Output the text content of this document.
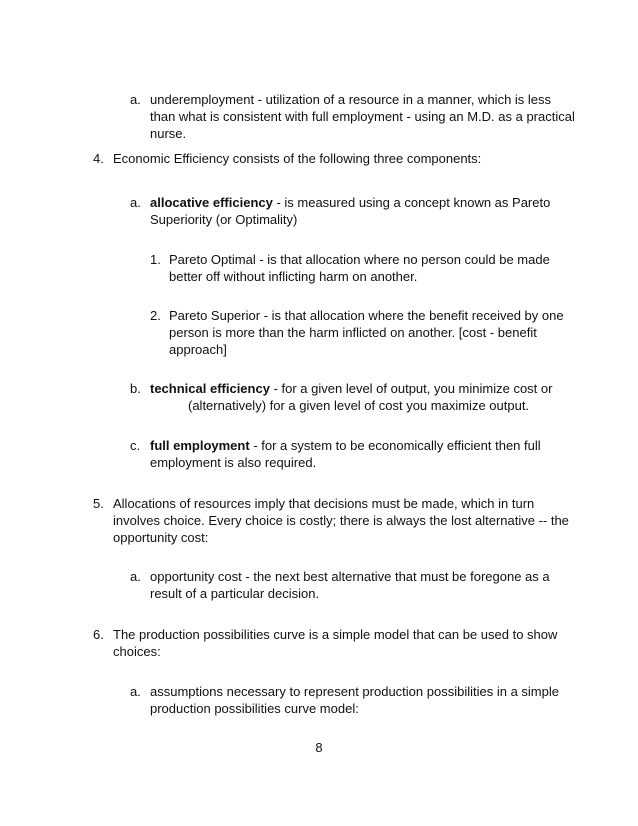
a. underemployment - utilization of a resource in a manner, which is less
than what is consistent with full employment - using an M.D. as a practical
nurse.
4. Economic Efficiency consists of the following three components:
a. allocative efficiency - is measured using a concept known as Pareto
Superiority (or Optimality)
1. Pareto Optimal - is that allocation where no person could be made
better off without inflicting harm on another.
2. Pareto Superior - is that allocation where the benefit received by one
person is more than the harm inflicted on another. [cost - benefit
approach]
b. technical efficiency - for a given level of output, you minimize cost or
(alternatively) for a given level of cost you maximize output.
c. full employment - for a system to be economically efficient then full
employment is also required.
5. Allocations of resources imply that decisions must be made, which in turn
involves choice. Every choice is costly; there is always the lost alternative -- the
opportunity cost:
a. opportunity cost - the next best alternative that must be foregone as a
result of a particular decision.
6. The production possibilities curve is a simple model that can be used to show
choices:
a. assumptions necessary to represent production possibilities in a simple
production possibilities curve model:
8
